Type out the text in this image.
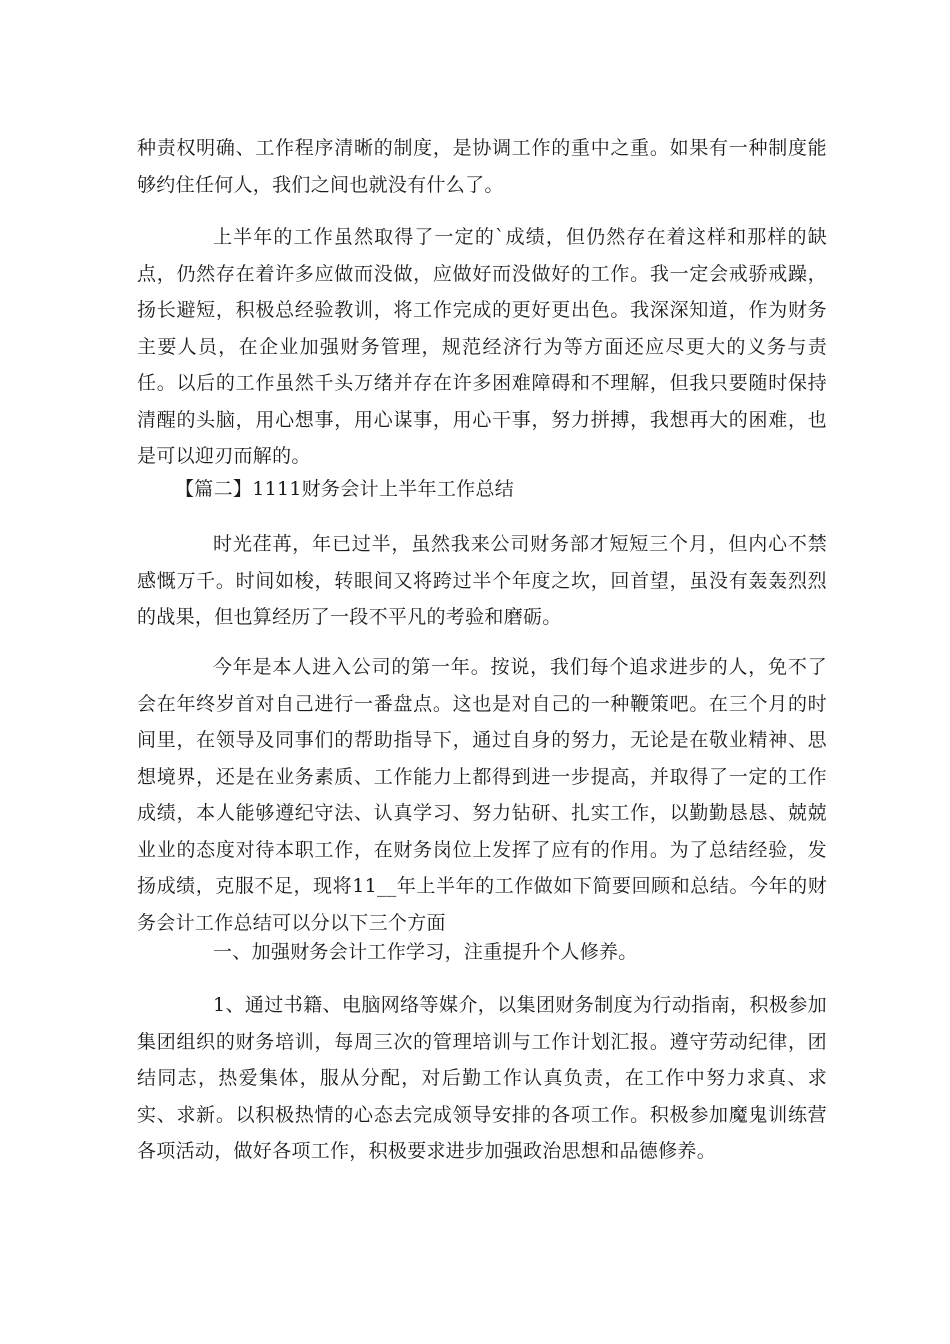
种责权明确、工作程序清晰的制度，是协调工作的重中之重。如果有一种制度能够约住任何人，我们之间也就没有什么了。

上半年的工作虽然取得了一定的`成绩，但仍然存在着这样和那样的缺点，仍然存在着许多应做而没做，应做好而没做好的工作。我一定会戒骄戒躁，扬长避短，积极总经验教训，将工作完成的更好更出色。我深深知道，作为财务主要人员，在企业加强财务管理，规范经济行为等方面还应尽更大的义务与责任。以后的工作虽然千头万绪并存在许多困难障碍和不理解，但我只要随时保持清醒的头脑，用心想事，用心谋事，用心干事，努力拼搏，我想再大的困难，也是可以迎刃而解的。

【篇二】1111财务会计上半年工作总结

时光荏苒，年已过半，虽然我来公司财务部才短短三个月，但内心不禁感慨万千。时间如梭，转眼间又将跨过半个年度之坎，回首望，虽没有轰轰烈烈的战果，但也算经历了一段不平凡的考验和磨砺。

今年是本人进入公司的第一年。按说，我们每个追求进步的人，免不了会在年终岁首对自己进行一番盘点。这也是对自己的一种鞭策吧。在三个月的时间里，在领导及同事们的帮助指导下，通过自身的努力，无论是在敬业精神、思想境界，还是在业务素质、工作能力上都得到进一步提高，并取得了一定的工作成绩，本人能够遵纪守法、认真学习、努力钻研、扎实工作，以勤勤恳恳、兢兢业业的态度对待本职工作，在财务岗位上发挥了应有的作用。为了总结经验，发扬成绩，克服不足，现将11__年上半年的工作做如下简要回顾和总结。今年的财务会计工作总结可以分以下三个方面

一、加强财务会计工作学习，注重提升个人修养。

1、通过书籍、电脑网络等媒介，以集团财务制度为行动指南，积极参加集团组织的财务培训，每周三次的管理培训与工作计划汇报。遵守劳动纪律，团结同志，热爱集体，服从分配，对后勤工作认真负责，在工作中努力求真、求实、求新。以积极热情的心态去完成领导安排的各项工作。积极参加魔鬼训练营各项活动，做好各项工作，积极要求进步加强政治思想和品德修养。
